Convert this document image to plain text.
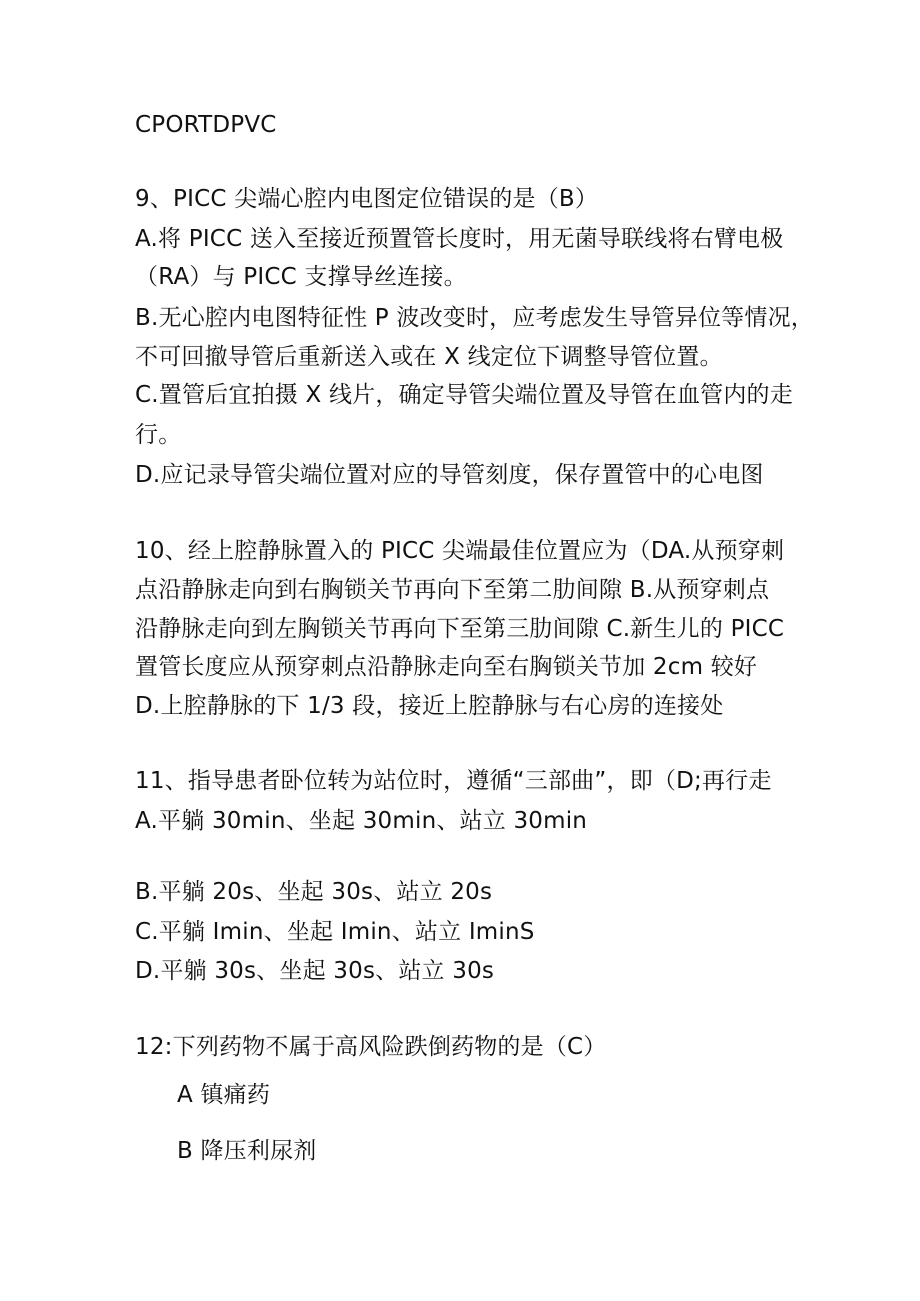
CPORTDPVC
9、PICC 尖端心腔内电图定位错误的是（B）
A.将 PICC 送入至接近预置管长度时，用无菌导联线将右臂电极
（RA）与 PICC 支撑导丝连接。
B.无心腔内电图特征性 P 波改变时，应考虑发生导管异位等情况，
不可回撤导管后重新送入或在 X 线定位下调整导管位置。
C.置管后宜拍摄 X 线片，确定导管尖端位置及导管在血管内的走
行。
D.应记录导管尖端位置对应的导管刻度，保存置管中的心电图
10、经上腔静脉置入的 PICC 尖端最佳位置应为（DA.从预穿刺
点沿静脉走向到右胸锁关节再向下至第二肋间隙 B.从预穿刺点
沿静脉走向到左胸锁关节再向下至第三肋间隙 C.新生儿的 PICC
置管长度应从预穿刺点沿静脉走向至右胸锁关节加 2cm 较好
D.上腔静脉的下 1/3 段，接近上腔静脉与右心房的连接处
11、指导患者卧位转为站位时，遵循“三部曲”，即（D;再行走
A.平躺 30min、坐起 30min、站立 30min
B.平躺 20s、坐起 30s、站立 20s
C.平躺 Imin、坐起 Imin、站立 IminS
D.平躺 30s、坐起 30s、站立 30s
12:下列药物不属于高风险跌倒药物的是（C）
A 镇痛药
B 降压利尿剂
